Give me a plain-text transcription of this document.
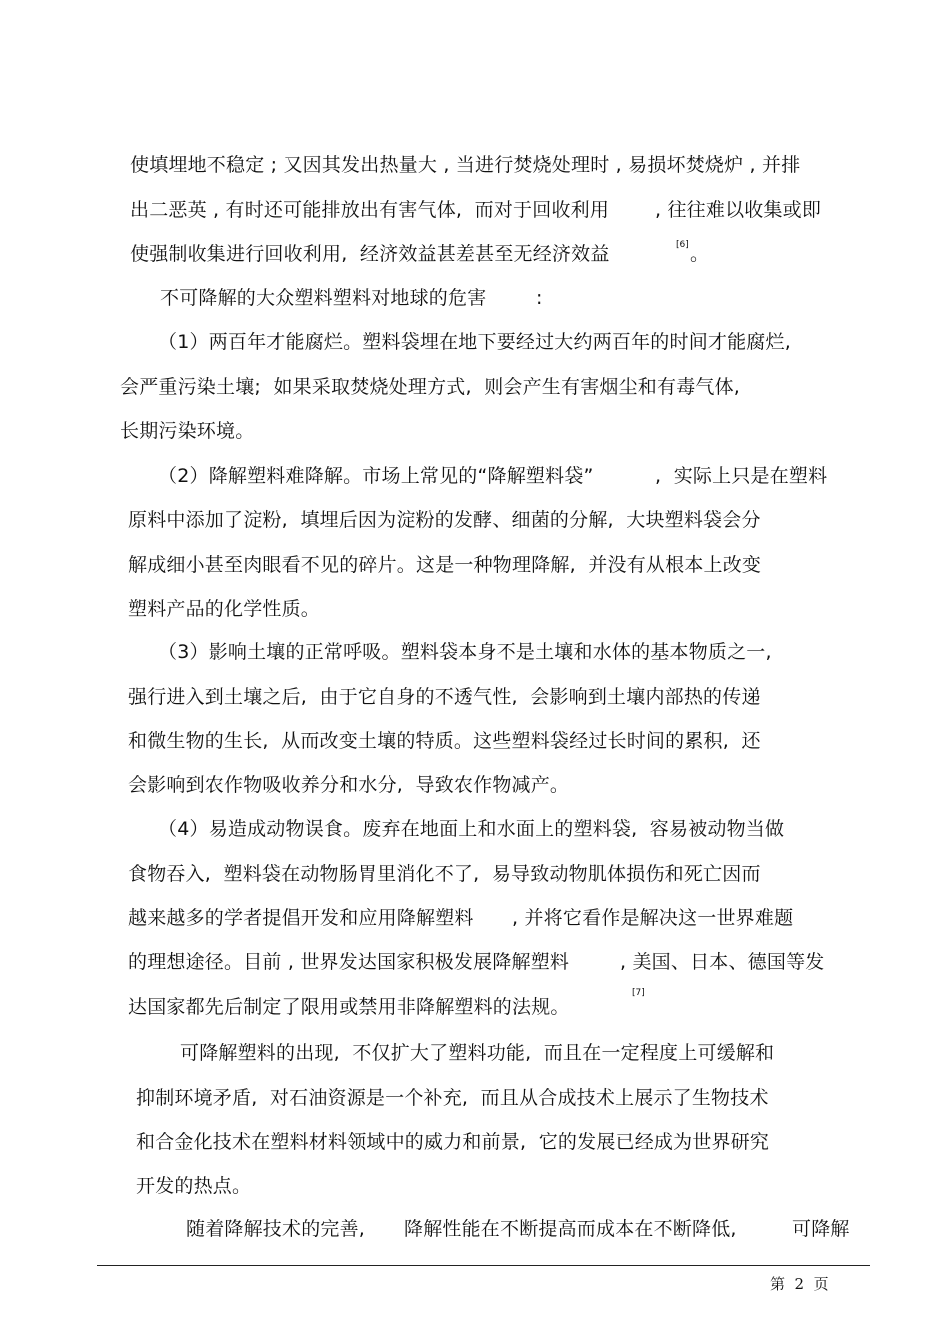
使填埋地不稳定 ; 又因其发出热量大 , 当进行焚烧处理时 , 易损坏焚烧炉 , 并排
出二恶英 , 有时还可能排放出有害气体,  而对于回收利用 , 往往难以收集或即
使强制收集进行回收利用,  经济效益甚差甚至无经济效益	[6] 。
不可降解的大众塑料塑料对地球的危害	:
（1）两百年才能腐烂。塑料袋埋在地下要经过大约两百年的时间才能腐烂,
会严重污染土壤;  如果采取焚烧处理方式,  则会产生有害烟尘和有毒气体,
长期污染环境。
（2）降解塑料难降解。市场上常见的“降解塑料袋”	,  实际上只是在塑料
原料中添加了淀粉,  填埋后因为淀粉的发酵、细菌的分解,  大块塑料袋会分
解成细小甚至肉眼看不见的碎片。这是一种物理降解,  并没有从根本上改变
塑料产品的化学性质。
（3）影响土壤的正常呼吸。塑料袋本身不是土壤和水体的基本物质之一,
强行进入到土壤之后,  由于它自身的不透气性,  会影响到土壤内部热的传递
和微生物的生长,  从而改变土壤的特质。这些塑料袋经过长时间的累积,  还
会影响到农作物吸收养分和水分,  导致农作物减产。
（4）易造成动物误食。废弃在地面上和水面上的塑料袋,  容易被动物当做
食物吞入,  塑料袋在动物肠胃里消化不了,  易导致动物肌体损伤和死亡因而
越来越多的学者提倡开发和应用降解塑料 , 并将它看作是解决这一世界难题
的理想途径。目前 , 世界发达国家积极发展降解塑料	, 美国、日本、德国等发
达国家都先后制定了限用或禁用非降解塑料的法规。
[7]
可降解塑料的出现,  不仅扩大了塑料功能,  而且在一定程度上可缓解和
抑制环境矛盾,  对石油资源是一个补充,  而且从合成技术上展示了生物技术
和合金化技术在塑料材料领域中的威力和前景,  它的发展已经成为世界研究
开发的热点。
随着降解技术的完善, 降解性能在不断提高而成本在不断降低,	可降解
第  2  页
